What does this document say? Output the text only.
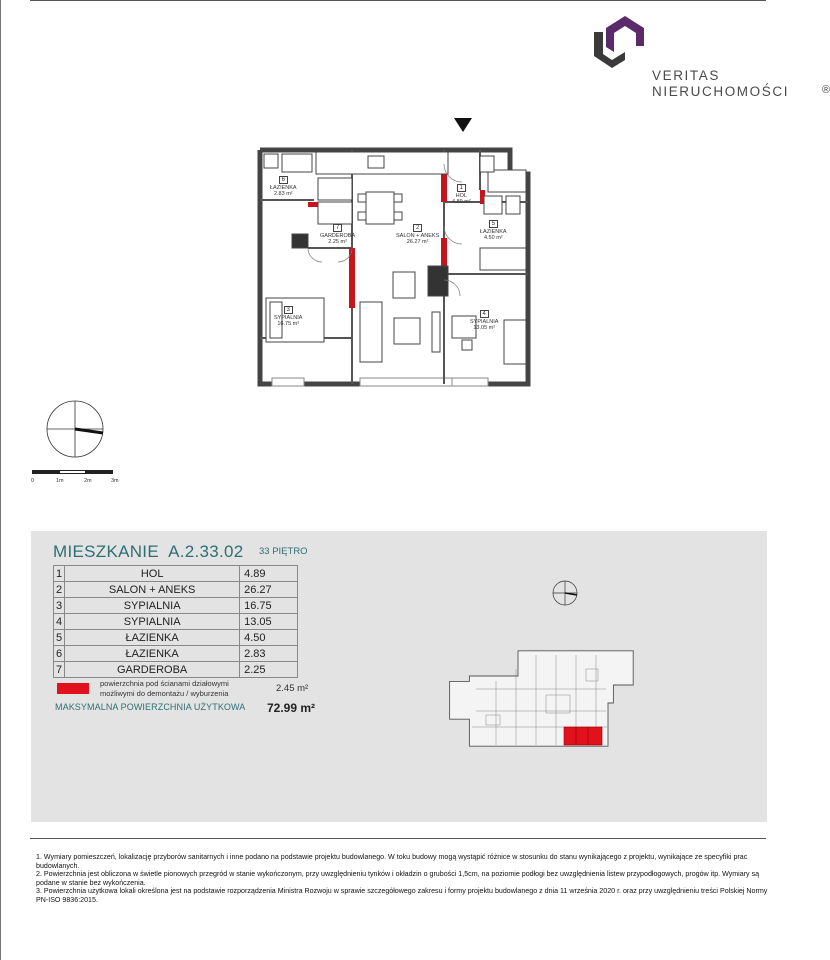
VERITAS
NIERUCHOMOŚCI	®
6
ŁAZIENKA
2.83 m²
7
GARDEROBA
2.25 m²
2
SALON + ANEKS
26.27 m²
1
HOL
4.89 m²
5
ŁAZIENKA
4.50 m²
3
SYPIALNIA
16.75 m²
4
SYPIALNIA
13.05 m²
0	1m	2m	3m
MIESZKANIE  A.2.33.02 33 PIĘTRO
1	HOL	4.89
2	SALON + ANEKS	26.27
3	SYPIALNIA	16.75
4	SYPIALNIA	13.05
5	ŁAZIENKA	4.50
6	ŁAZIENKA	2.83
7	GARDEROBA	2.25
powierzchnia pod ścianami działowymi
możliwymi do demontażu / wyburzenia	2.45 m²
MAKSYMALNA POWIERZCHNIA UŻYTKOWA 72.99 m²
1. Wymiary pomieszczeń, lokalizację przyborów sanitarnych i inne podano na podstawie projektu budowlanego. W toku budowy mogą wystąpić różnice w stosunku do stanu wynikającego z projektu, wynikające ze specyfiki prac budowlanych.
2. Powierzchnia jest obliczona w świetle pionowych przegród w stanie wykończonym, przy uwzględnieniu tynków i okładzin o grubości 1,5cm, na poziomie podłogi bez uwzględnienia listew przypodłogowych, progów itp. Wymiary są podane w stanie bez wykończenia.
3. Powierzchnia użytkowa lokali określona jest na podstawie rozporządzenia Ministra Rozwoju w sprawie szczegółowego zakresu i formy projektu budowlanego z dnia 11 września 2020 r. oraz przy uwzględnieniu treści Polskiej Normy PN-ISO 9836:2015.
